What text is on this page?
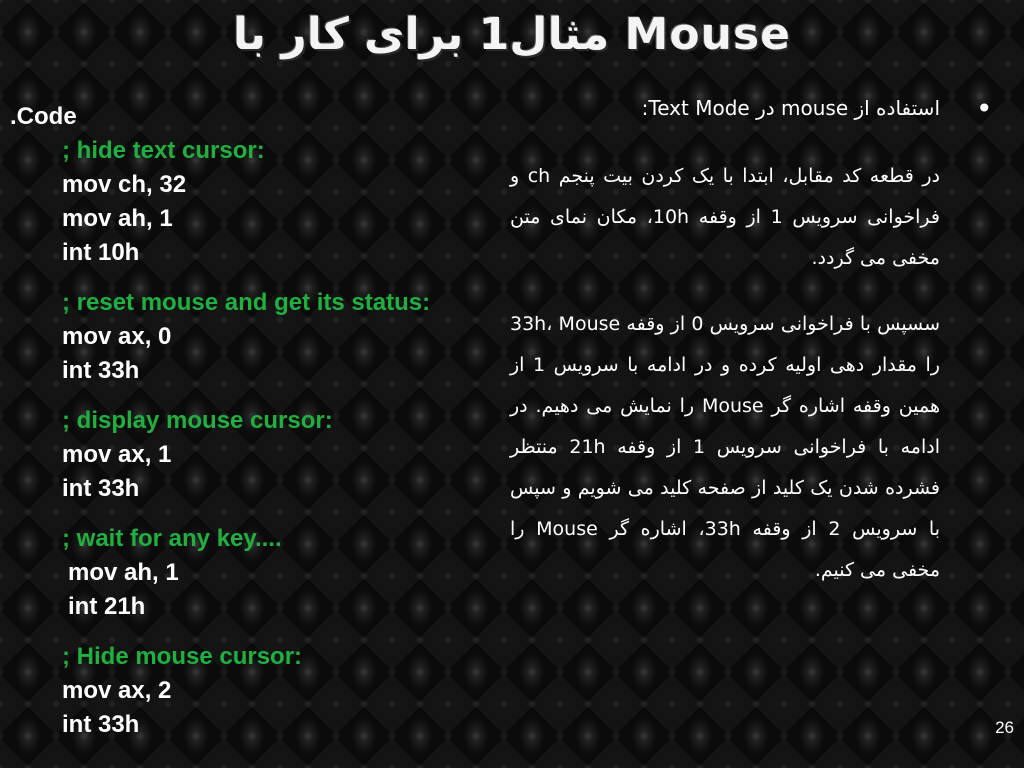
مثال1 برای کار با Mouse
.Code
; hide text cursor:
mov ch, 32
mov ah, 1
int 10h
; reset mouse and get its status:
mov ax, 0
int 33h
; display mouse cursor:
mov ax, 1
int 33h
; wait for any key....
mov ah, 1
int 21h
; Hide mouse cursor:
mov ax, 2
int 33h
•
استفاده از mouse در Text Mode:
در قطعه کد مقابل، ابتدا با یک کردن بیت پنجم ch و فراخوانی سرویس 1 از وقفه 10h، مکان نمای متن مخفی می گردد.
سسپس با فراخوانی سرویس 0 از وقفه 33h، Mouse را مقدار دهی اولیه کرده و در ادامه با سرویس 1 از همین وقفه اشاره گر Mouse را نمایش می دهیم. در ادامه با فراخوانی سرویس 1 از وقفه 21h منتظر فشرده شدن یک کلید از صفحه کلید می شویم و سپس با سرویس 2 از وقفه 33h، اشاره گر Mouse را مخفی می کنیم.
26
